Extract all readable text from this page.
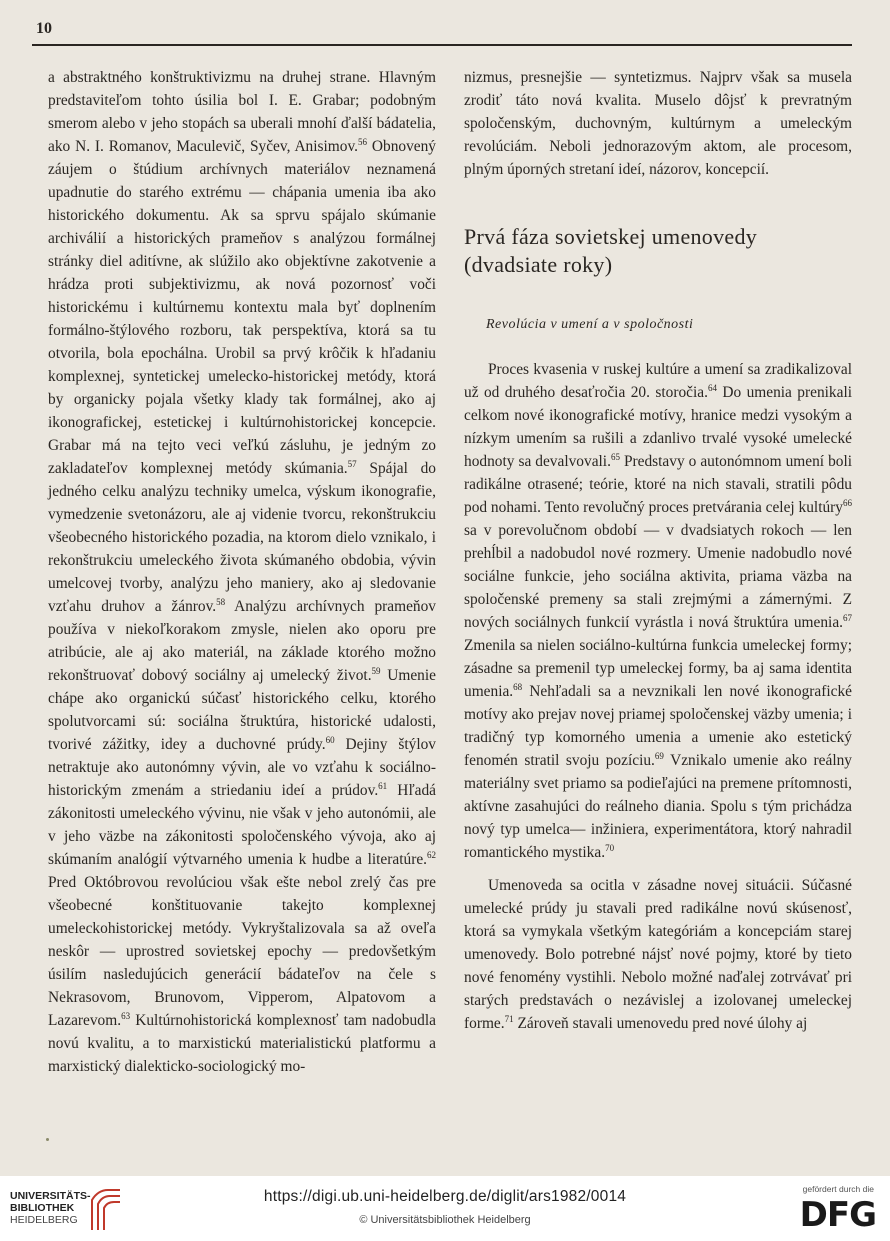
10

a abstraktného konštruktivizmu na druhej strane. Hlavným predstaviteľom tohto úsilia bol I. E. Grabar; podobným smerom alebo v jeho stopách sa uberali mnohí ďalší bádatelia, ako N. I. Romanov, Maculevič, Syčev, Anisimov.$^{56}$ Obnovený záujem o štúdium archívnych materiálov neznamená upadnutie do starého extrému — chápania umenia iba ako historického dokumentu. Ak sa sprvu spájalo skúmanie archiválií a historických prameňov s analýzou formálnej stránky diel aditívne, ak slúžilo ako objektívne zakotvenie a hrádza proti subjektivizmu, ak nová pozornosť voči historickému i kultúrnemu kontextu mala byť doplnením formálno-štýlového rozboru, tak perspektíva, ktorá sa tu otvorila, bola epochálna. Urobil sa prvý krôčik k hľadaniu komplexnej, syntetickej umelecko-historickej metódy, ktorá by organicky pojala všetky klady tak formálnej, ako aj ikonografickej, estetickej i kultúrnohistorickej koncepcie. Grabar má na tejto veci veľkú zásluhu, je jedným zo zakladateľov komplexnej metódy skúmania.$^{57}$ Spájal do jedného celku analýzu techniky umelca, výskum ikonografie, vymedzenie svetonázoru, ale aj videnie tvorcu, rekonštrukciu všeobecného historického pozadia, na ktorom dielo vznikalo, i rekonštrukciu umeleckého života skúmaného obdobia, vývin umelcovej tvorby, analýzu jeho maniery, ako aj sledovanie vzťahu druhov a žánrov.$^{58}$ Analýzu archívnych prameňov používa v niekoľkorakom zmysle, nielen ako oporu pre atribúcie, ale aj ako materiál, na základe ktorého možno rekonštruovať dobový sociálny aj umelecký život.$^{59}$ Umenie chápe ako organickú súčasť historického celku, ktorého spolutvorcami sú: sociálna štruktúra, historické udalosti, tvorivé zážitky, idey a duchovné prúdy.$^{60}$ Dejiny štýlov netraktuje ako autonómny vývin, ale vo vzťahu k sociálno-historickým zmenám a striedaniu ideí a prúdov.$^{61}$ Hľadá zákonitosti umeleckého vývinu, nie však v jeho autonómii, ale v jeho väzbe na zákonitosti spoločenského vývoja, ako aj skúmaním analógií výtvarného umenia k hudbe a literatúre.$^{62}$ Pred Októbrovou revolúciou však ešte nebol zrelý čas pre všeobecné konštituovanie takejto komplexnej umeleckohistorickej metódy. Vykryštalizovala sa až oveľa neskôr — uprostred sovietskej epochy — predovšetkým úsilím nasledujúcich generácií bádateľov na čele s Nekrasovom, Brunovom, Vipperom, Alpatovom a Lazarevom.$^{63}$ Kultúrnohistorická komplexnosť tam nadobudla novú kvalitu, a to marxistickú materialistickú platformu a marxistický dialekticko-sociologický mo-

nizmus, presnejšie — syntetizmus. Najprv však sa musela zrodiť táto nová kvalita. Muselo dôjsť k prevratným spoločenským, duchovným, kultúrnym a umeleckým revolúciám. Neboli jednorazovým aktom, ale procesom, plným úporných stretaní ideí, názorov, koncepcií.

Prvá fáza sovietskej umenovedy (dvadsiate roky)
Revolúcia v umení a v spoločnosti

Proces kvasenia v ruskej kultúre a umení sa zradikalizoval už od druhého desaťročia 20. storočia.$^{64}$ Do umenia prenikali celkom nové ikonografické motívy, hranice medzi vysokým a nízkym umením sa rušili a zdanlivo trvalé vysoké umelecké hodnoty sa devalvovali.$^{65}$ Predstavy o autonómnom umení boli radikálne otrasené; teórie, ktoré na nich stavali, stratili pôdu pod nohami. Tento revolučný proces pretvárania celej kultúry$^{66}$ sa v porevolučnom období — v dvadsiatych rokoch — len prehĺbil a nadobudol nové rozmery. Umenie nadobudlo nové sociálne funkcie, jeho sociálna aktivita, priama väzba na spoločenské premeny sa stali zrejmými a zámernými. Z nových sociálnych funkcií vyrástla i nová štruktúra umenia.$^{67}$ Zmenila sa nielen sociálno-kultúrna funkcia umeleckej formy; zásadne sa premenil typ umeleckej formy, ba aj sama identita umenia.$^{68}$ Nehľadali sa a nevznikali len nové ikonografické motívy ako prejav novej priamej spoločenskej väzby umenia; i tradičný typ komorného umenia a umenie ako estetický fenomén stratil svoju pozíciu.$^{69}$ Vznikalo umenie ako reálny materiálny svet priamo sa podieľajúci na premene prítomnosti, aktívne zasahujúci do reálneho diania. Spolu s tým prichádza nový typ umelca— inžiniera, experimentátora, ktorý nahradil romantického mystika.$^{70}$

Umenoveda sa ocitla v zásadne novej situácii. Súčasné umelecké prúdy ju stavali pred radikálne novú skúsenosť, ktorá sa vymykala všetkým kategóriám a koncepciám starej umenovedy. Bolo potrebné nájsť nové pojmy, ktoré by tieto nové fenomény vystihli. Nebolo možné naďalej zotrvávať pri starých predstavách o nezávislej a izolovanej umeleckej forme.$^{71}$ Zároveň stavali umenovedu pred nové úlohy aj

UNIVERSITÄTS-
BIBLIOTHEK
HEIDELBERG
https://digi.ub.uni-heidelberg.de/diglit/ars1982/0014
© Universitätsbibliothek Heidelberg
gefördert durch die
DFG
